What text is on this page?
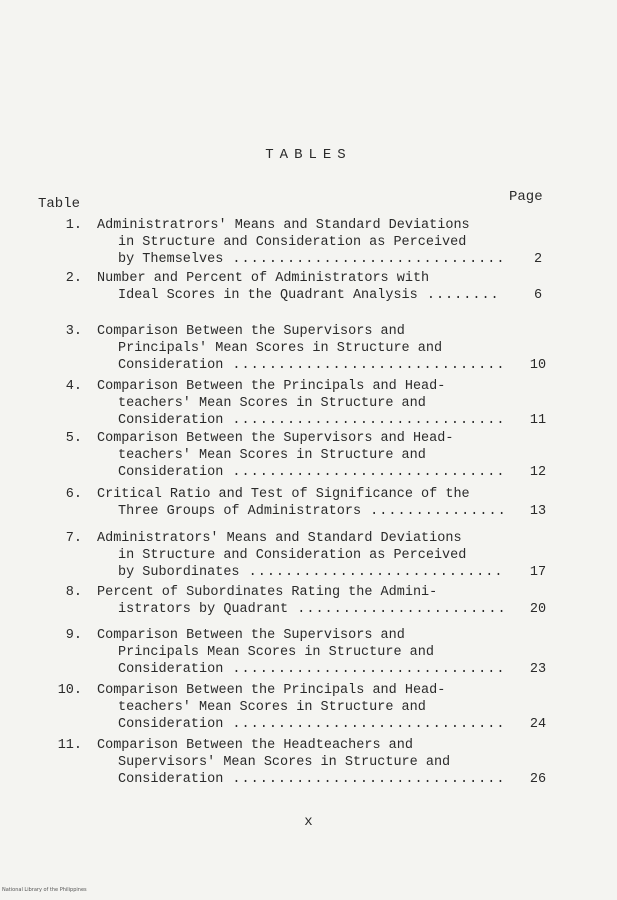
TABLES
Table	Page
1. Administratrors' Means and Standard Deviations
in Structure and Consideration as Perceived
by Themselves ..............................	2
2. Number and Percent of Administrators with
Ideal Scores in the Quadrant Analysis ........	6
3. Comparison Between the Supervisors and
Principals' Mean Scores in Structure and
Consideration ..............................	10
4. Comparison Between the Principals and Head-
teachers' Mean Scores in Structure and
Consideration ..............................	11
5. Comparison Between the Supervisors and Head-
teachers' Mean Scores in Structure and
Consideration ..............................	12
6. Critical Ratio and Test of Significance of the
Three Groups of Administrators ...............	13
7. Administrators' Means and Standard Deviations
in Structure and Consideration as Perceived
by Subordinates ............................	17
8. Percent of Subordinates Rating the Admini-
istrators by Quadrant .......................	20
9. Comparison Between the Supervisors and
Principals Mean Scores in Structure and
Consideration ..............................	23
10. Comparison Between the Principals and Head-
teachers' Mean Scores in Structure and
Consideration ..............................	24
11. Comparison Between the Headteachers and
Supervisors' Mean Scores in Structure and
Consideration ..............................	26
x
National Library of the Philippines
